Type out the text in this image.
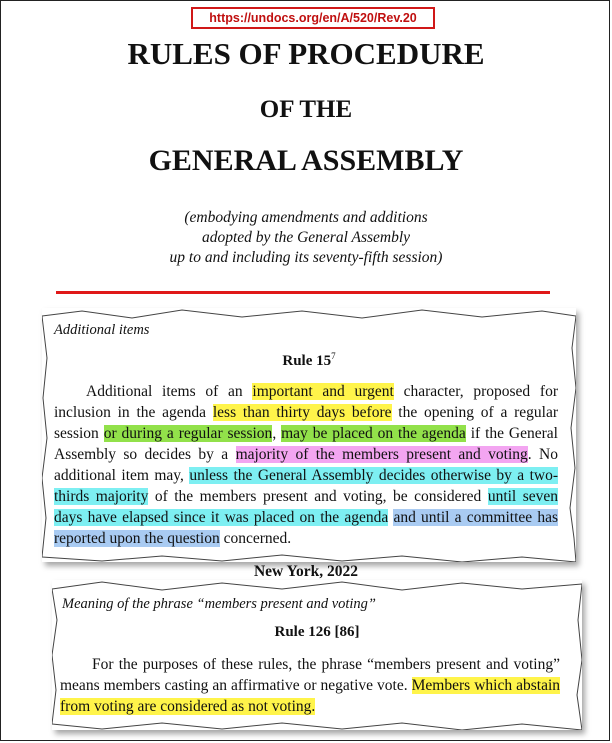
https://undocs.org/en/A/520/Rev.20
RULES OF PROCEDURE
OF THE
GENERAL ASSEMBLY
(embodying amendments and additions
adopted by the General Assembly
up to and including its seventy-fifth session)
Additional items
Rule $15^7$

Additional items of an important and urgent character, proposed for inclusion in the agenda less than thirty days before the opening of a regular session or during a regular session, may be placed on the agenda if the General Assembly so decides by a majority of the members present and voting. No additional item may, unless the General Assembly decides otherwise by a two-thirds majority of the members present and voting, be considered until seven days have elapsed since it was placed on the agenda and until a committee has reported upon the question concerned.

New York, 2022
Meaning of the phrase “members present and voting”
Rule 126 [86]

For the purposes of these rules, the phrase “members present and voting” means members casting an affirmative or negative vote. Members which abstain from voting are considered as not voting.
